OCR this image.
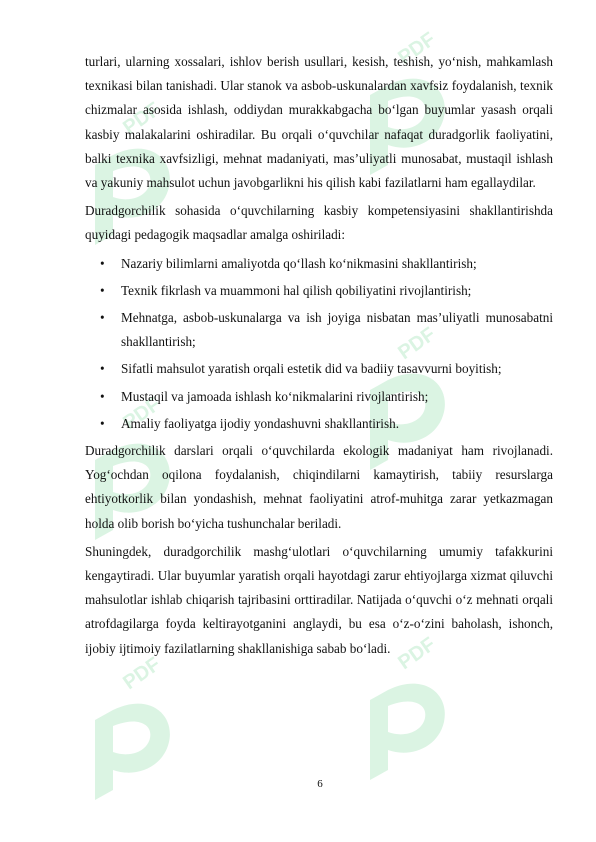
turlari, ularning xossalari, ishlov berish usullari, kesish, teshish, yo‘nish, mahkamlash texnikasi bilan tanishadi. Ular stanok va asbob-uskunalardan xavfsiz foydalanish, texnik chizmalar asosida ishlash, oddiydan murakkabgacha bo‘lgan buyumlar yasash orqali kasbiy malakalarini oshiradilar. Bu orqali o‘quvchilar nafaqat duradgorlik faoliyatini, balki texnika xavfsizligi, mehnat madaniyati, mas’uliyatli munosabat, mustaqil ishlash va yakuniy mahsulot uchun javobgarlikni his qilish kabi fazilatlarni ham egallaydilar.

Duradgorchilik sohasida o‘quvchilarning kasbiy kompetensiyasini shakllantirishda quyidagi pedagogik maqsadlar amalga oshiriladi:

• Nazariy bilimlarni amaliyotda qo‘llash ko‘nikmasini shakllantirish;
• Texnik fikrlash va muammoni hal qilish qobiliyatini rivojlantirish;
• Mehnatga, asbob-uskunalarga va ish joyiga nisbatan mas’uliyatli munosabatni shakllantirish;
• Sifatli mahsulot yaratish orqali estetik did va badiiy tasavvurni boyitish;
• Mustaqil va jamoada ishlash ko‘nikmalarini rivojlantirish;
• Amaliy faoliyatga ijodiy yondashuvni shakllantirish.

Duradgorchilik darslari orqali o‘quvchilarda ekologik madaniyat ham rivojlanadi. Yog‘ochdan oqilona foydalanish, chiqindilarni kamaytirish, tabiiy resurslarga ehtiyotkorlik bilan yondashish, mehnat faoliyatini atrof-muhitga zarar yetkazmagan holda olib borish bo‘yicha tushunchalar beriladi.

Shuningdek, duradgorchilik mashg‘ulotlari o‘quvchilarning umumiy tafakkurini kengaytiradi. Ular buyumlar yaratish orqali hayotdagi zarur ehtiyojlarga xizmat qiluvchi mahsulotlar ishlab chiqarish tajribasini orttiradilar. Natijada o‘quvchi o‘z mehnati orqali atrofdagilarga foyda keltirayotganini anglaydi, bu esa o‘z-o‘zini baholash, ishonch, ijobiy ijtimoiy fazilatlarning shakllanishiga sabab bo‘ladi.

6
